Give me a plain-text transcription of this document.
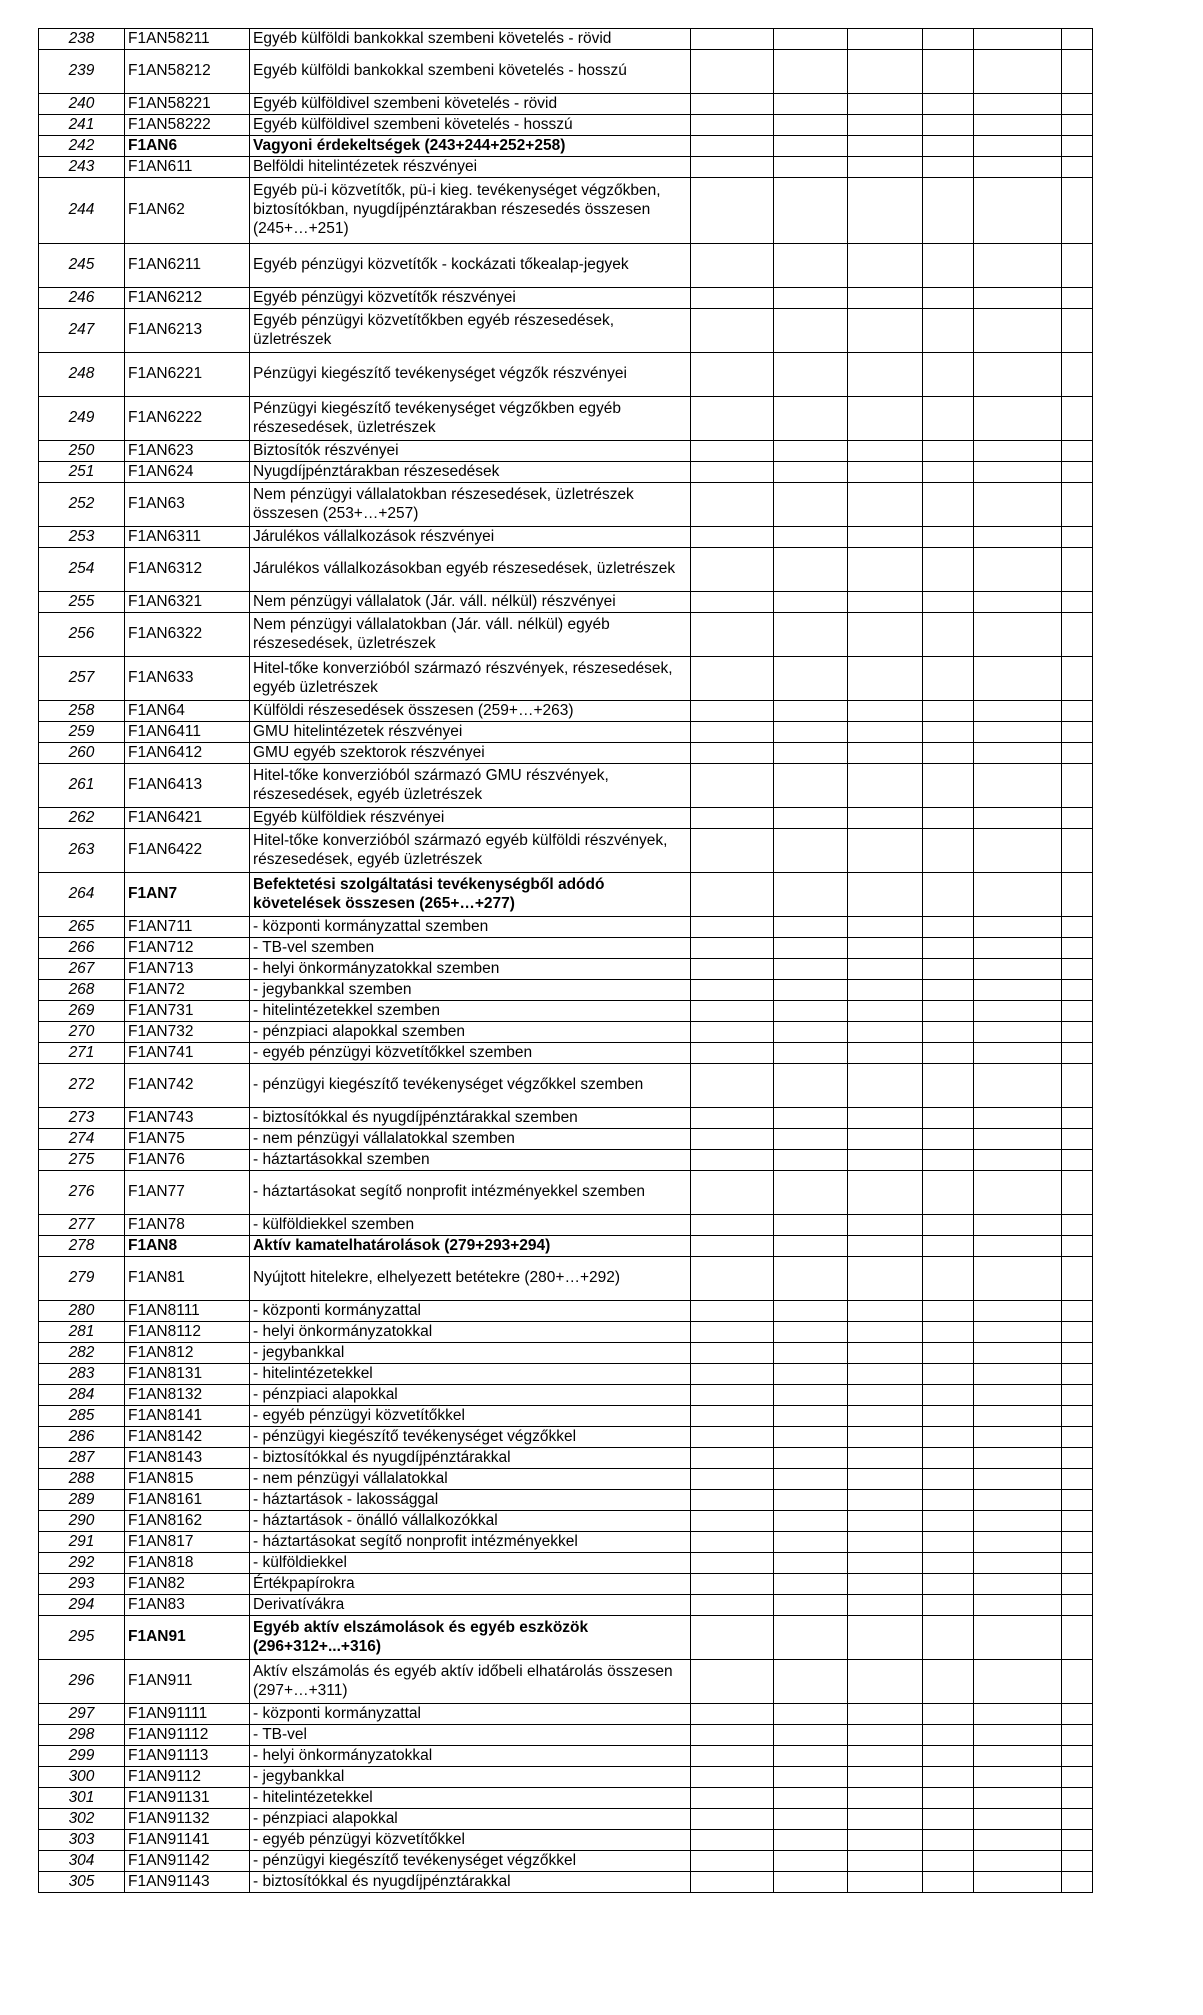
238	F1AN58211	Egyéb külföldi bankokkal szembeni követelés - rövid						
239	F1AN58212	Egyéb külföldi bankokkal szembeni követelés - hosszú						
240	F1AN58221	Egyéb külföldivel szembeni követelés - rövid						
241	F1AN58222	Egyéb külföldivel szembeni követelés - hosszú						
242	F1AN6	Vagyoni érdekeltségek (243+244+252+258)						
243	F1AN611	Belföldi hitelintézetek részvényei						
244	F1AN62	Egyéb pü-i közvetítők, pü-i kieg. tevékenységet végzőkben, biztosítókban, nyugdíjpénztárakban részesedés összesen (245+…+251)						
245	F1AN6211	Egyéb pénzügyi közvetítők - kockázati tőkealap-jegyek						
246	F1AN6212	Egyéb pénzügyi közvetítők részvényei						
247	F1AN6213	Egyéb pénzügyi közvetítőkben egyéb részesedések, üzletrészek						
248	F1AN6221	Pénzügyi kiegészítő tevékenységet végzők részvényei						
249	F1AN6222	Pénzügyi kiegészítő tevékenységet végzőkben egyéb részesedések, üzletrészek						
250	F1AN623	Biztosítók részvényei						
251	F1AN624	Nyugdíjpénztárakban részesedések						
252	F1AN63	Nem pénzügyi vállalatokban részesedések, üzletrészek összesen (253+…+257)						
253	F1AN6311	Járulékos vállalkozások részvényei						
254	F1AN6312	Járulékos vállalkozásokban egyéb részesedések, üzletrészek						
255	F1AN6321	Nem pénzügyi vállalatok (Jár. váll. nélkül) részvényei						
256	F1AN6322	Nem pénzügyi vállalatokban (Jár. váll. nélkül) egyéb részesedések, üzletrészek						
257	F1AN633	Hitel-tőke konverzióból származó részvények, részesedések, egyéb üzletrészek						
258	F1AN64	Külföldi részesedések összesen (259+…+263)						
259	F1AN6411	GMU hitelintézetek részvényei						
260	F1AN6412	GMU egyéb szektorok részvényei						
261	F1AN6413	Hitel-tőke konverzióból származó GMU részvények, részesedések, egyéb üzletrészek						
262	F1AN6421	Egyéb külföldiek részvényei						
263	F1AN6422	Hitel-tőke konverzióból származó egyéb külföldi részvények, részesedések, egyéb üzletrészek						
264	F1AN7	Befektetési szolgáltatási tevékenységből adódó követelések összesen (265+…+277)						
265	F1AN711	- központi kormányzattal szemben						
266	F1AN712	- TB-vel szemben						
267	F1AN713	- helyi önkormányzatokkal szemben						
268	F1AN72	- jegybankkal szemben						
269	F1AN731	- hitelintézetekkel szemben						
270	F1AN732	- pénzpiaci alapokkal szemben						
271	F1AN741	- egyéb pénzügyi közvetítőkkel szemben						
272	F1AN742	- pénzügyi kiegészítő tevékenységet végzőkkel szemben						
273	F1AN743	- biztosítókkal és nyugdíjpénztárakkal szemben						
274	F1AN75	- nem pénzügyi vállalatokkal szemben						
275	F1AN76	- háztartásokkal szemben						
276	F1AN77	- háztartásokat segítő nonprofit intézményekkel szemben						
277	F1AN78	- külföldiekkel szemben						
278	F1AN8	Aktív kamatelhatárolások (279+293+294)						
279	F1AN81	Nyújtott hitelekre, elhelyezett betétekre (280+…+292)						
280	F1AN8111	- központi kormányzattal						
281	F1AN8112	- helyi önkormányzatokkal						
282	F1AN812	- jegybankkal						
283	F1AN8131	- hitelintézetekkel						
284	F1AN8132	- pénzpiaci alapokkal						
285	F1AN8141	- egyéb pénzügyi közvetítőkkel						
286	F1AN8142	- pénzügyi kiegészítő tevékenységet végzőkkel						
287	F1AN8143	- biztosítókkal és nyugdíjpénztárakkal						
288	F1AN815	- nem pénzügyi vállalatokkal						
289	F1AN8161	- háztartások - lakossággal						
290	F1AN8162	- háztartások - önálló vállalkozókkal						
291	F1AN817	- háztartásokat segítő nonprofit intézményekkel						
292	F1AN818	- külföldiekkel						
293	F1AN82	Értékpapírokra						
294	F1AN83	Derivatívákra						
295	F1AN91	Egyéb aktív elszámolások és egyéb eszközök (296+312+...+316)						
296	F1AN911	Aktív elszámolás és egyéb aktív időbeli elhatárolás összesen (297+…+311)						
297	F1AN91111	- központi kormányzattal						
298	F1AN91112	- TB-vel						
299	F1AN91113	- helyi önkormányzatokkal						
300	F1AN9112	- jegybankkal						
301	F1AN91131	- hitelintézetekkel						
302	F1AN91132	- pénzpiaci alapokkal						
303	F1AN91141	- egyéb pénzügyi közvetítőkkel						
304	F1AN91142	- pénzügyi kiegészítő tevékenységet végzőkkel						
305	F1AN91143	- biztosítókkal és nyugdíjpénztárakkal						
